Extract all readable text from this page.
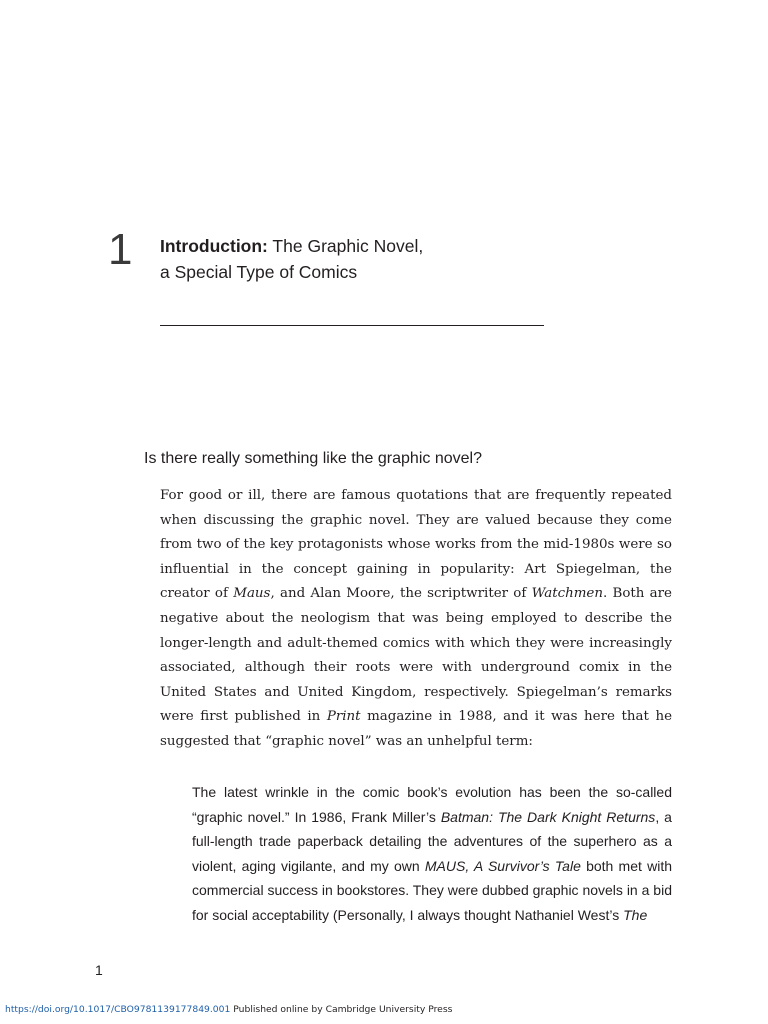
1 Introduction: The Graphic Novel,
a Special Type of Comics
Is there really something like the graphic novel?

For good or ill, there are famous quotations that are frequently repeated when discussing the graphic novel. They are valued because they come from two of the key protagonists whose works from the mid-1980s were so influential in the concept gaining in popularity: Art Spiegelman, the creator of Maus, and Alan Moore, the scriptwriter of Watchmen. Both are negative about the neologism that was being employed to describe the longer-length and adult-themed comics with which they were increasingly associated, although their roots were with underground comix in the United States and United Kingdom, respectively. Spiegelman’s remarks were first published in Print magazine in 1988, and it was here that he suggested that “graphic novel” was an unhelpful term:

The latest wrinkle in the comic book’s evolution has been the so-called “graphic novel.” In 1986, Frank Miller’s Batman: The Dark Knight Returns, a full-length trade paperback detailing the adventures of the superhero as a violent, aging vigilante, and my own MAUS, A Survivor’s Tale both met with commercial success in bookstores. They were dubbed graphic novels in a bid for social acceptability (Personally, I always thought Nathaniel West’s The

1
https://doi.org/10.1017/CBO9781139177849.001 Published online by Cambridge University Press
